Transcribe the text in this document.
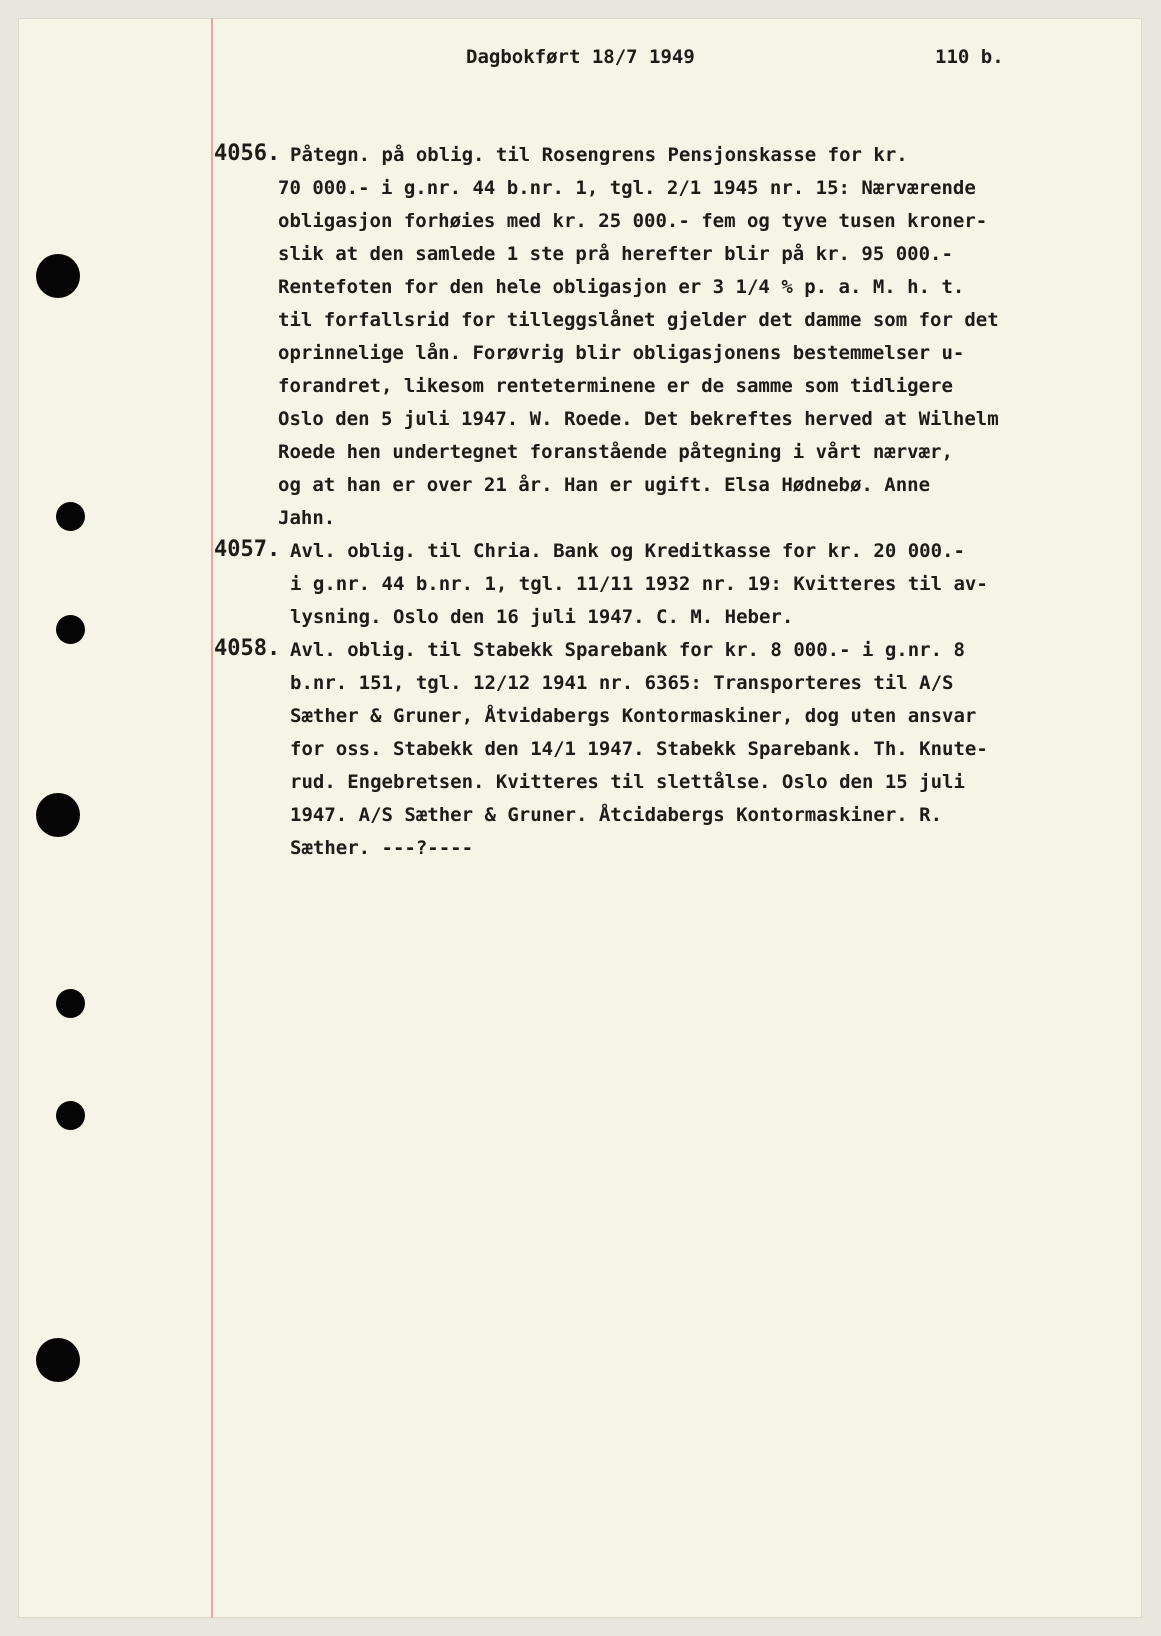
Dagbokført 18/7 1949	110 b.
4056. Påtegn. på oblig. til Rosengrens Pensjonskasse for kr.
70 000.- i g.nr. 44 b.nr. 1, tgl. 2/1 1945 nr. 15: Nærværende
obligasjon forhøies med kr. 25 000.- fem og tyve tusen kroner-
slik at den samlede 1 ste prå herefter blir på kr. 95 000.-
Rentefoten for den hele obligasjon er 3 1/4 % p. a. M. h. t.
til forfallsrid for tilleggslånet gjelder det damme som for det
oprinnelige lån. Forøvrig blir obligasjonens bestemmelser u-
forandret, likesom renteterminene er de samme som tidligere
Oslo den 5 juli 1947. W. Roede. Det bekreftes herved at Wilhelm
Roede hen undertegnet foranstående påtegning i vårt nærvær,
og at han er over 21 år. Han er ugift. Elsa Hødnebø. Anne
Jahn.
4057. Avl. oblig. til Chria. Bank og Kreditkasse for kr. 20 000.-
i g.nr. 44 b.nr. 1, tgl. 11/11 1932 nr. 19: Kvitteres til av-
lysning. Oslo den 16 juli 1947. C. M. Heber.
4058. Avl. oblig. til Stabekk Sparebank for kr. 8 000.- i g.nr. 8
b.nr. 151, tgl. 12/12 1941 nr. 6365: Transporteres til A/S
Sæther & Gruner, Åtvidabergs Kontormaskiner, dog uten ansvar
for oss. Stabekk den 14/1 1947. Stabekk Sparebank. Th. Knute-
rud. Engebretsen. Kvitteres til slettålse. Oslo den 15 juli
1947. A/S Sæther & Gruner. Åtcidabergs Kontormaskiner. R.
Sæther. ---?----
